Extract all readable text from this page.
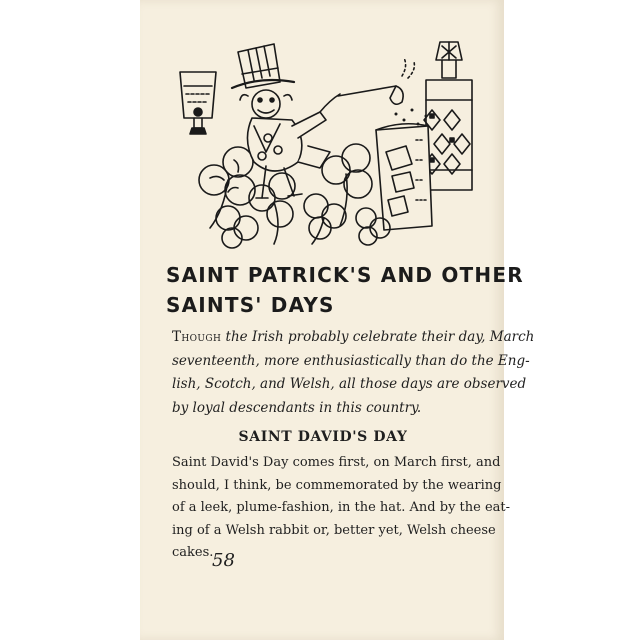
SAINT PATRICK'S AND OTHER
SAINTS' DAYS

Though the Irish probably celebrate their day, March
seventeenth, more enthusiastically than do the Eng-
lish, Scotch, and Welsh, all those days are observed
by loyal descendants in this country.

SAINT DAVID'S DAY

Saint David's Day comes first, on March first, and
should, I think, be commemorated by the wearing
of a leek, plume-fashion, in the hat. And by the eat-
ing of a Welsh rabbit or, better yet, Welsh cheese
cakes.

58
